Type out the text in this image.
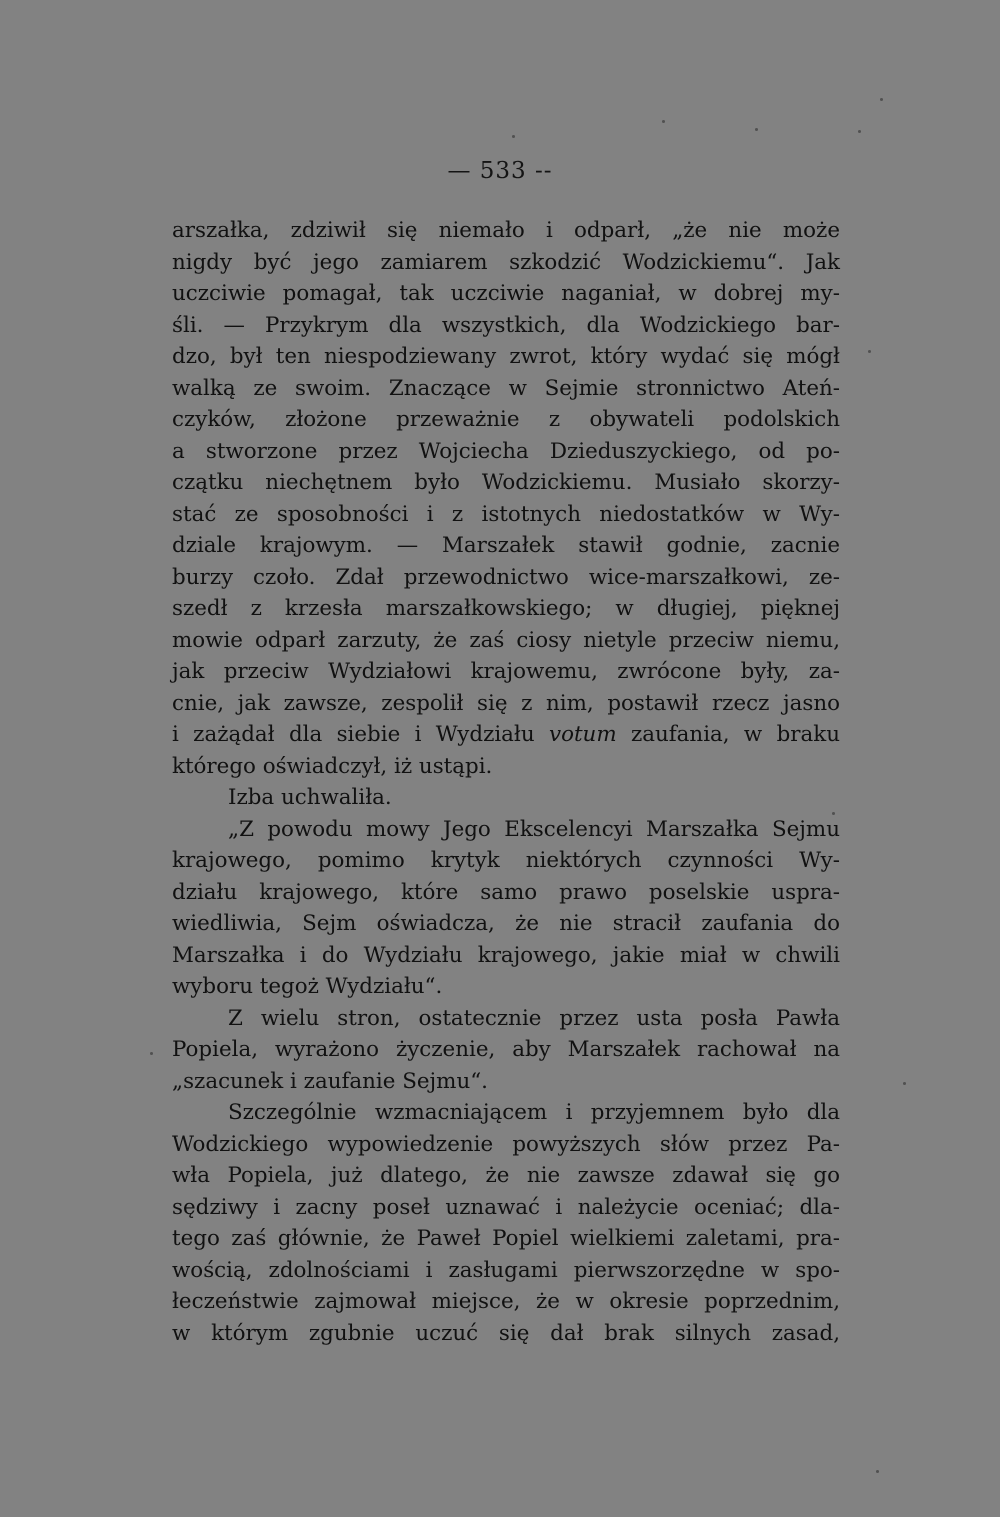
— 533 --
arszałka, zdziwił się niemało i odparł, „że nie może
nigdy być jego zamiarem szkodzić Wodzickiemu“. Jak
uczciwie pomagał, tak uczciwie naganiał, w dobrej my-
śli. — Przykrym dla wszystkich, dla Wodzickiego bar-
dzo, był ten niespodziewany zwrot, który wydać się mógł
walką ze swoim. Znaczące w Sejmie stronnictwo Ateń-
czyków, złożone przeważnie z obywateli podolskich
a stworzone przez Wojciecha Dzieduszyckiego, od po-
czątku niechętnem było Wodzickiemu. Musiało skorzy-
stać ze sposobności i z istotnych niedostatków w Wy-
dziale krajowym. — Marszałek stawił godnie, zacnie
burzy czoło. Zdał przewodnictwo wice-marszałkowi, ze-
szedł z krzesła marszałkowskiego; w długiej, pięknej
mowie odparł zarzuty, że zaś ciosy nietyle przeciw niemu,
jak przeciw Wydziałowi krajowemu, zwrócone były, za-
cnie, jak zawsze, zespolił się z nim, postawił rzecz jasno
i zażądał dla siebie i Wydziału votum zaufania, w braku
którego oświadczył, iż ustąpi.
Izba uchwaliła.
„Z powodu mowy Jego Ekscelencyi Marszałka Sejmu
krajowego, pomimo krytyk niektórych czynności Wy-
działu krajowego, które samo prawo poselskie uspra-
wiedliwia, Sejm oświadcza, że nie stracił zaufania do
Marszałka i do Wydziału krajowego, jakie miał w chwili
wyboru tegoż Wydziału“.
Z wielu stron, ostatecznie przez usta posła Pawła
Popiela, wyrażono życzenie, aby Marszałek rachował na
„szacunek i zaufanie Sejmu“.
Szczególnie wzmacniającem i przyjemnem było dla
Wodzickiego wypowiedzenie powyższych słów przez Pa-
wła Popiela, już dlatego, że nie zawsze zdawał się go
sędziwy i zacny poseł uznawać i należycie oceniać; dla-
tego zaś głównie, że Paweł Popiel wielkiemi zaletami, pra-
wością, zdolnościami i zasługami pierwszorzędne w spo-
łeczeństwie zajmował miejsce, że w okresie poprzednim,
w którym zgubnie uczuć się dał brak silnych zasad,
